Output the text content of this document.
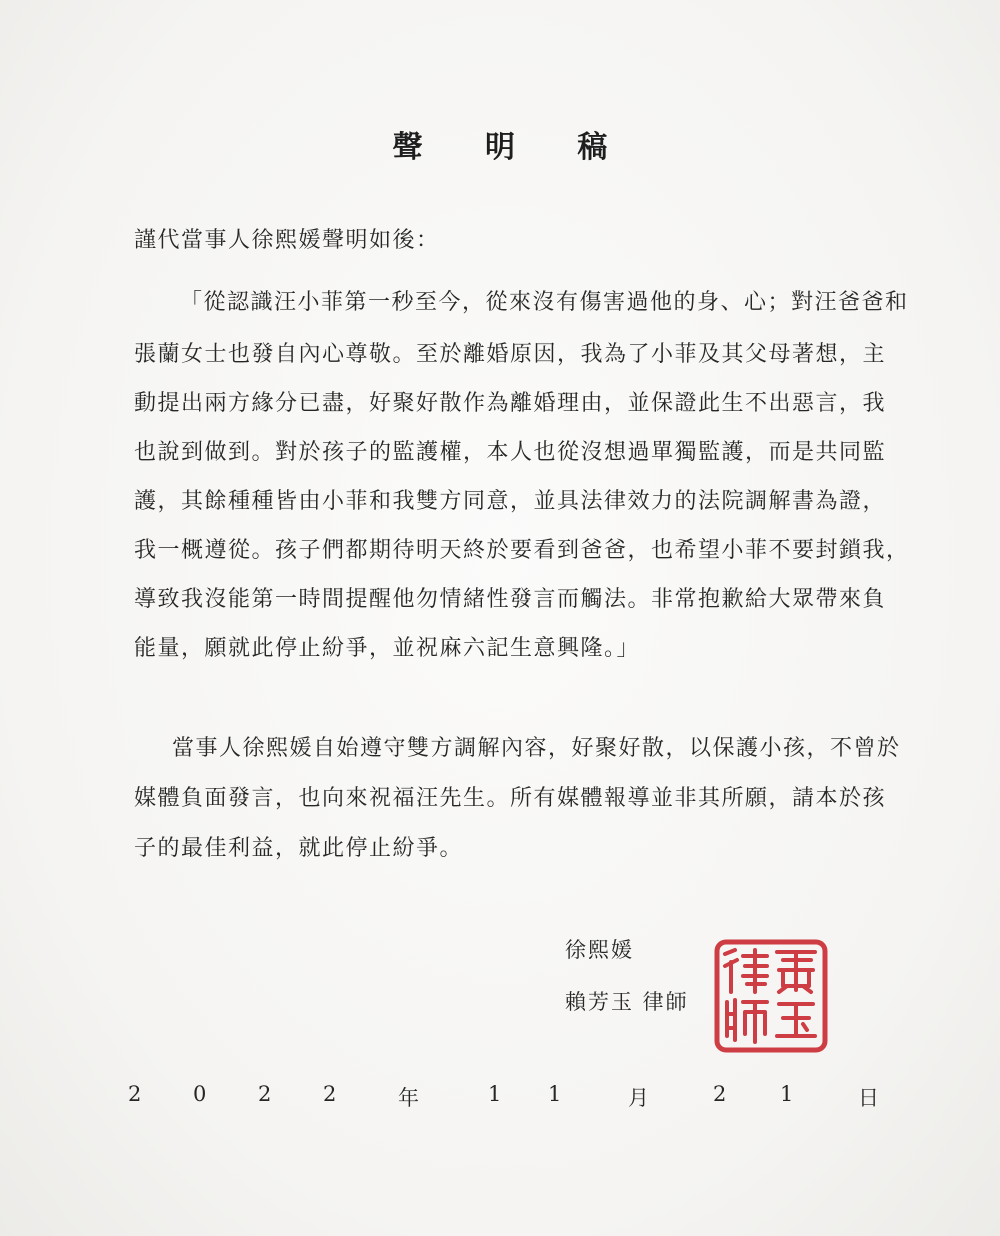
聲 明 稿
謹代當事人徐熙媛聲明如後：
「從認識汪小菲第一秒至今，從來沒有傷害過他的身、心；對汪爸爸和
張蘭女士也發自內心尊敬。至於離婚原因，我為了小菲及其父母著想，主
動提出兩方緣分已盡，好聚好散作為離婚理由，並保證此生不出惡言，我
也說到做到。對於孩子的監護權，本人也從沒想過單獨監護，而是共同監
護，其餘種種皆由小菲和我雙方同意，並具法律效力的法院調解書為證，
我一概遵從。孩子們都期待明天終於要看到爸爸，也希望小菲不要封鎖我，
導致我沒能第一時間提醒他勿情緒性發言而觸法。非常抱歉給大眾帶來負
能量，願就此停止紛爭，並祝麻六記生意興隆。」
當事人徐熙媛自始遵守雙方調解內容，好聚好散，以保護小孩，不曾於
媒體負面發言，也向來祝福汪先生。所有媒體報導並非其所願，請本於孩
子的最佳利益，就此停止紛爭。
徐熙媛
賴芳玉 律師
2 0 2 2	年	1 1	月	2	1	日
